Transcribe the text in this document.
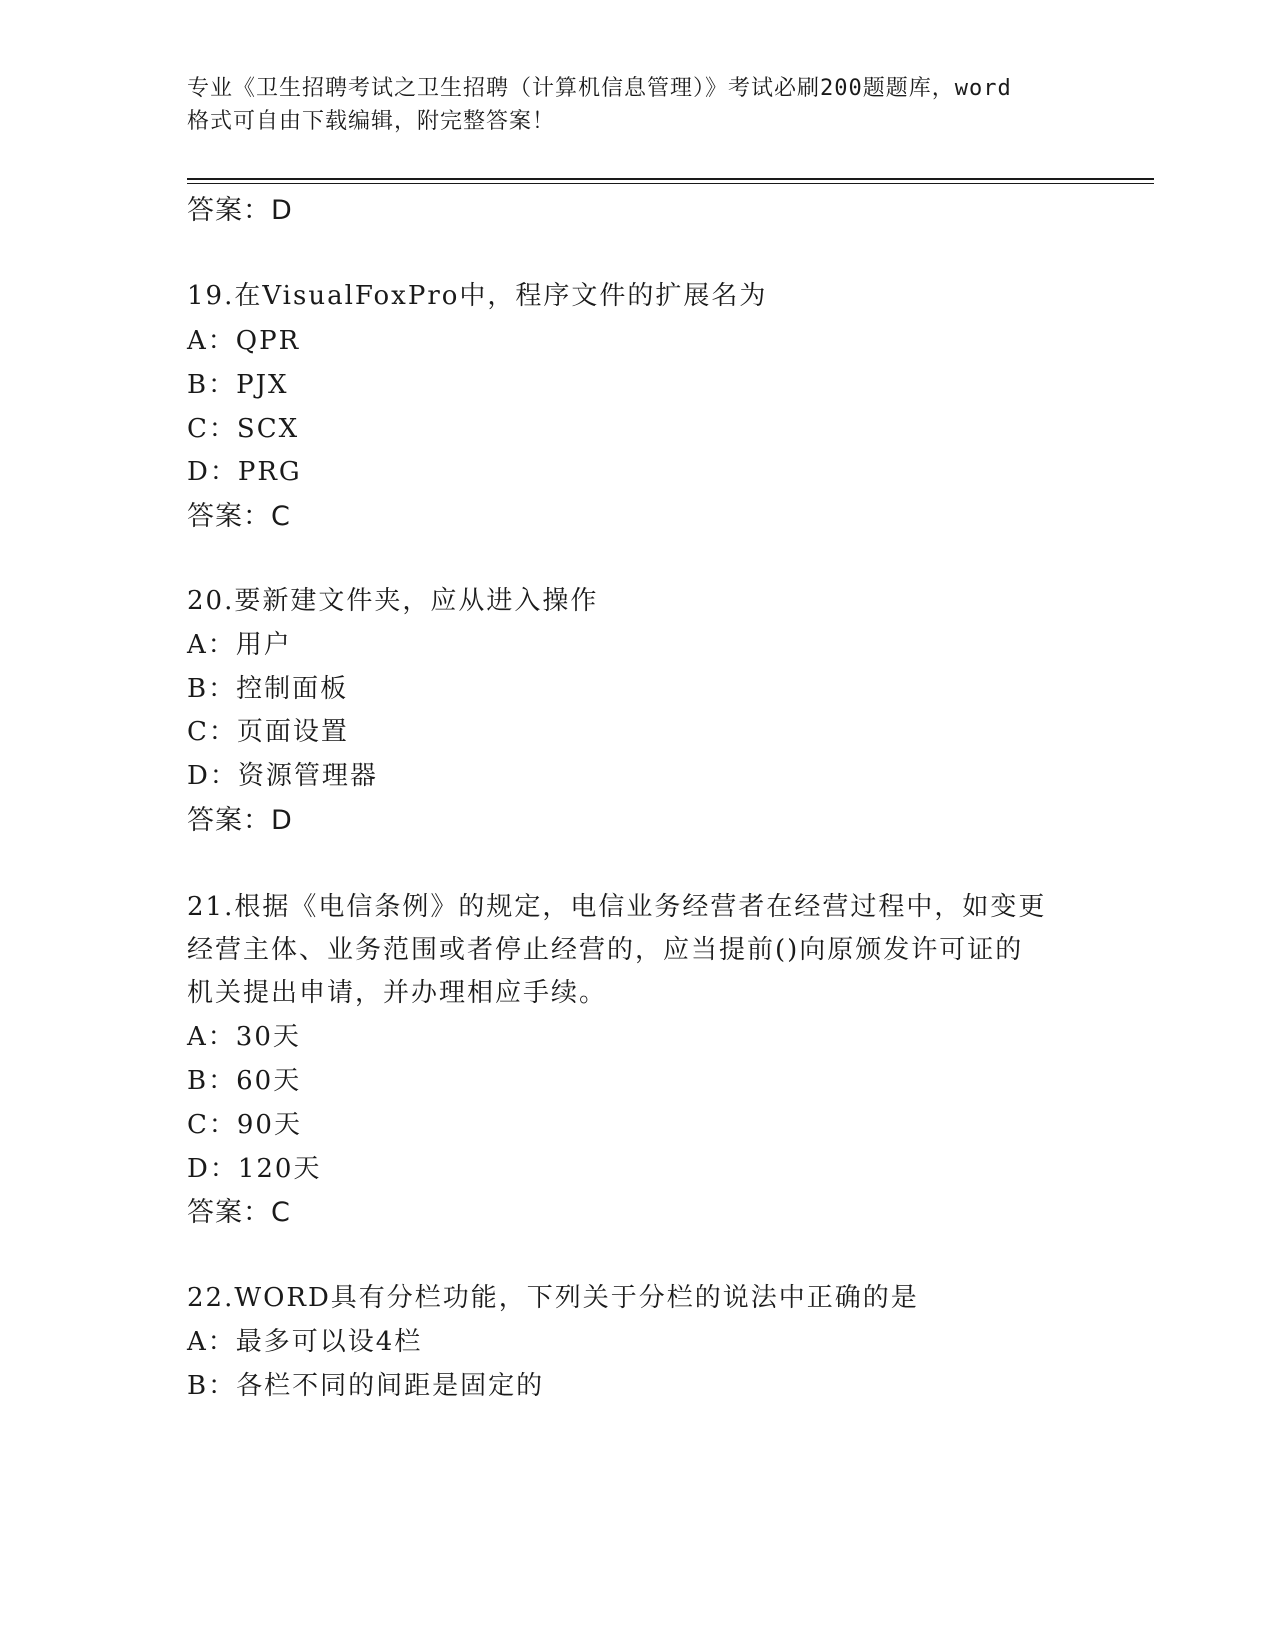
专业《卫生招聘考试之卫生招聘（计算机信息管理）》考试必刷200题题库，word
格式可自由下载编辑，附完整答案！
答案：D
19.在VisualFoxPro中，程序文件的扩展名为
A：QPR
B：PJX
C：SCX
D：PRG
答案：C
20.要新建文件夹，应从进入操作
A：用户
B：控制面板
C：页面设置
D：资源管理器
答案：D
21.根据《电信条例》的规定，电信业务经营者在经营过程中，如变更
经营主体、业务范围或者停止经营的，应当提前()向原颁发许可证的
机关提出申请，并办理相应手续。
A：30天
B：60天
C：90天
D：120天
答案：C
22.WORD具有分栏功能，下列关于分栏的说法中正确的是
A：最多可以设4栏
B：各栏不同的间距是固定的
